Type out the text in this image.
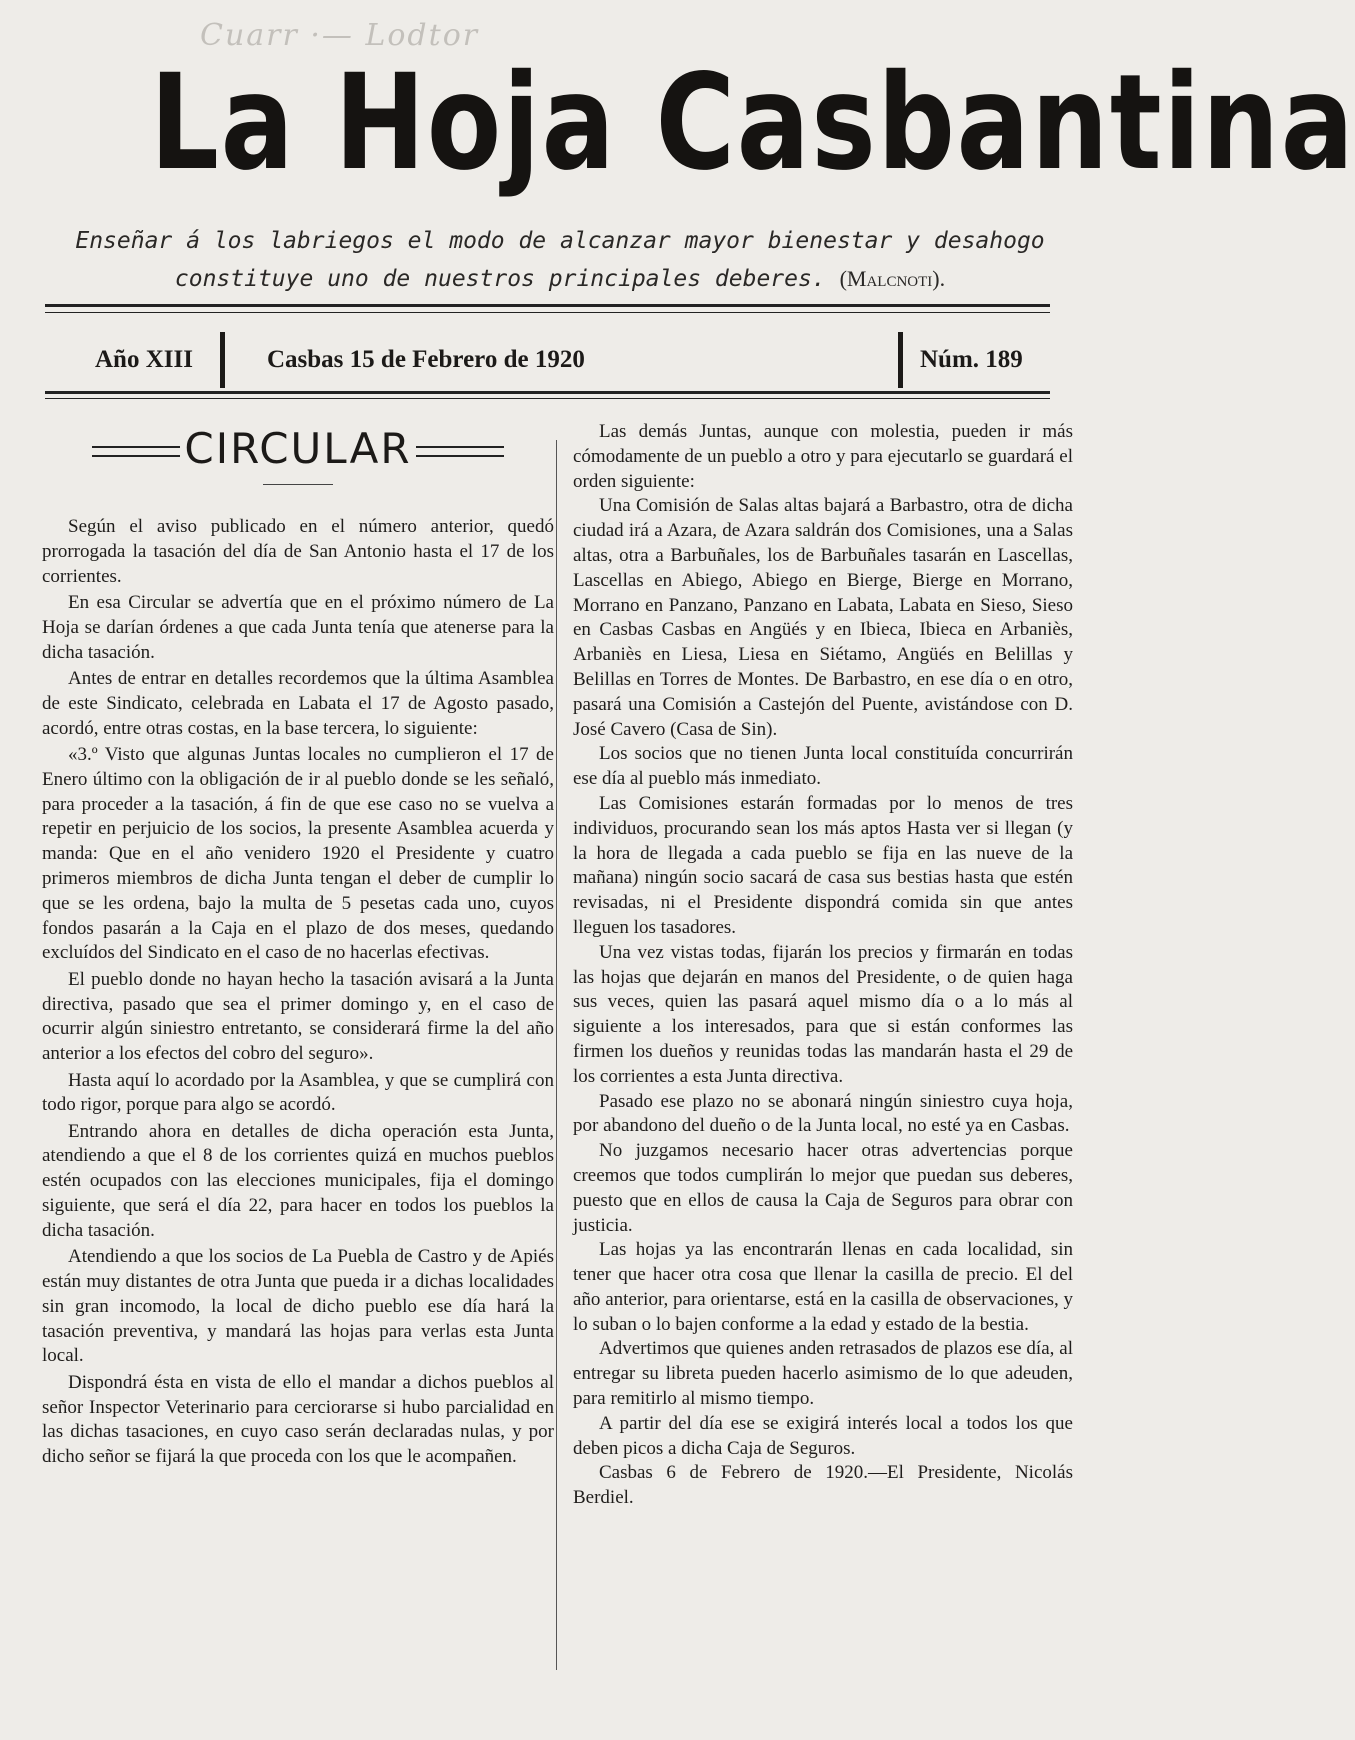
Cuarr ·— Lodtor
La Hoja Casbantina
Enseñar á los labriegos el modo de alcanzar mayor bienestar y desahogo
constituye uno de nuestros principales deberes. (Malcnoti).
Año XIII	Casbas 15 de Febrero de 1920	Núm. 189
CIRCULAR

Según el aviso publicado en el número anterior, quedó prorrogada la tasación del día de San Antonio hasta el 17 de los corrientes.

En esa Circular se advertía que en el próximo número de La Hoja se darían órdenes a que cada Junta tenía que atenerse para la dicha tasación.

Antes de entrar en detalles recordemos que la última Asamblea de este Sindicato, celebrada en Labata el 17 de Agosto pasado, acordó, entre otras costas, en la base tercera, lo siguiente:

«3.º Visto que algunas Juntas locales no cumplieron el 17 de Enero último con la obligación de ir al pueblo donde se les señaló, para proceder a la tasación, á fin de que ese caso no se vuelva a repetir en perjuicio de los socios, la presente Asamblea acuerda y manda: Que en el año venidero 1920 el Presidente y cuatro primeros miembros de dicha Junta tengan el deber de cumplir lo que se les ordena, bajo la multa de 5 pesetas cada uno, cuyos fondos pasarán a la Caja en el plazo de dos meses, quedando excluídos del Sindicato en el caso de no hacerlas efectivas.

El pueblo donde no hayan hecho la tasación avisará a la Junta directiva, pasado que sea el primer domingo y, en el caso de ocurrir algún siniestro entretanto, se considerará firme la del año anterior a los efectos del cobro del seguro».

Hasta aquí lo acordado por la Asamblea, y que se cumplirá con todo rigor, porque para algo se acordó.

Entrando ahora en detalles de dicha operación esta Junta, atendiendo a que el 8 de los corrientes quizá en muchos pueblos estén ocupados con las elecciones municipales, fija el domingo siguiente, que será el día 22, para hacer en todos los pueblos la dicha tasación.

Atendiendo a que los socios de La Puebla de Castro y de Apiés están muy distantes de otra Junta que pueda ir a dichas localidades sin gran incomodo, la local de dicho pueblo ese día hará la tasación preventiva, y mandará las hojas para verlas esta Junta local.

Dispondrá ésta en vista de ello el mandar a dichos pueblos al señor Inspector Veterinario para cerciorarse si hubo parcialidad en las dichas tasaciones, en cuyo caso serán declaradas nulas, y por dicho señor se fijará la que proceda con los que le acompañen.

Las demás Juntas, aunque con molestia, pueden ir más cómodamente de un pueblo a otro y para ejecutarlo se guardará el orden siguiente:

Una Comisión de Salas altas bajará a Barbastro, otra de dicha ciudad irá a Azara, de Azara saldrán dos Comisiones, una a Salas altas, otra a Barbuñales, los de Barbuñales tasarán en Lascellas, Lascellas en Abiego, Abiego en Bierge, Bierge en Morrano, Morrano en Panzano, Panzano en Labata, Labata en Sieso, Sieso en Casbas Casbas en Angüés y en Ibieca, Ibieca en Arbaniès, Arbaniès en Liesa, Liesa en Siétamo, Angüés en Belillas y Belillas en Torres de Montes. De Barbastro, en ese día o en otro, pasará una Comisión a Castejón del Puente, avistándose con D. José Cavero (Casa de Sin).

Los socios que no tienen Junta local constituída concurrirán ese día al pueblo más inmediato.

Las Comisiones estarán formadas por lo menos de tres individuos, procurando sean los más aptos Hasta ver si llegan (y la hora de llegada a cada pueblo se fija en las nueve de la mañana) ningún socio sacará de casa sus bestias hasta que estén revisadas, ni el Presidente dispondrá comida sin que antes lleguen los tasadores.

Una vez vistas todas, fijarán los precios y firmarán en todas las hojas que dejarán en manos del Presidente, o de quien haga sus veces, quien las pasará aquel mismo día o a lo más al siguiente a los interesados, para que si están conformes las firmen los dueños y reunidas todas las mandarán hasta el 29 de los corrientes a esta Junta directiva.

Pasado ese plazo no se abonará ningún siniestro cuya hoja, por abandono del dueño o de la Junta local, no esté ya en Casbas.

No juzgamos necesario hacer otras advertencias porque creemos que todos cumplirán lo mejor que puedan sus deberes, puesto que en ellos de causa la Caja de Seguros para obrar con justicia.

Las hojas ya las encontrarán llenas en cada localidad, sin tener que hacer otra cosa que llenar la casilla de precio. El del año anterior, para orientarse, está en la casilla de observaciones, y lo suban o lo bajen conforme a la edad y estado de la bestia.

Advertimos que quienes anden retrasados de plazos ese día, al entregar su libreta pueden hacerlo asimismo de lo que adeuden, para remitirlo al mismo tiempo.

A partir del día ese se exigirá interés local a todos los que deben picos a dicha Caja de Seguros.

Casbas 6 de Febrero de 1920.—El Presidente, Nicolás Berdiel.
